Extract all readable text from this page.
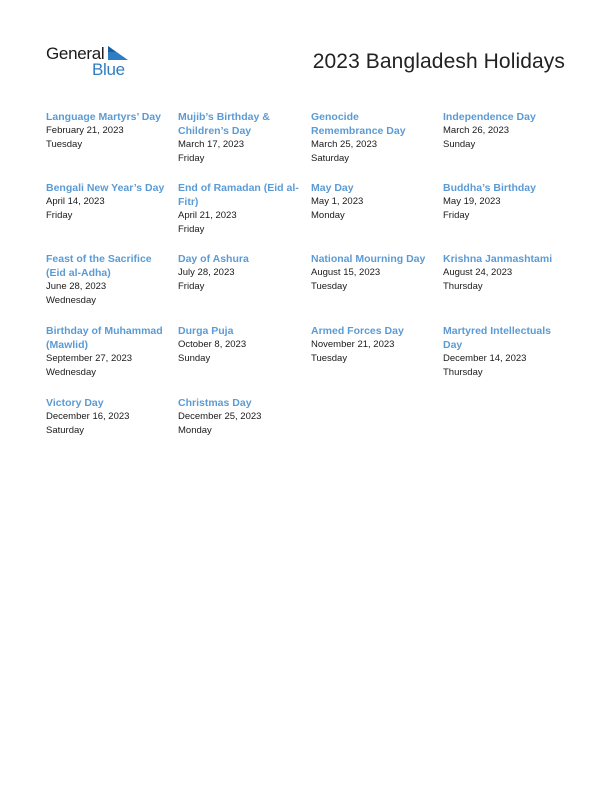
General
Blue	2023 Bangladesh Holidays
Language Martyrs’ Day
February 21, 2023
Tuesday
Mujib’s Birthday & Children’s Day
March 17, 2023
Friday
Genocide Remembrance Day
March 25, 2023
Saturday
Independence Day
March 26, 2023
Sunday
Bengali New Year’s Day
April 14, 2023
Friday
End of Ramadan (Eid al-Fitr)
April 21, 2023
Friday
May Day
May 1, 2023
Monday
Buddha’s Birthday
May 19, 2023
Friday
Feast of the Sacrifice (Eid al-Adha)
June 28, 2023
Wednesday
Day of Ashura
July 28, 2023
Friday
National Mourning Day
August 15, 2023
Tuesday
Krishna Janmashtami
August 24, 2023
Thursday
Birthday of Muhammad (Mawlid)
September 27, 2023
Wednesday
Durga Puja
October 8, 2023
Sunday
Armed Forces Day
November 21, 2023
Tuesday
Martyred Intellectuals Day
December 14, 2023
Thursday
Victory Day
December 16, 2023
Saturday
Christmas Day
December 25, 2023
Monday
